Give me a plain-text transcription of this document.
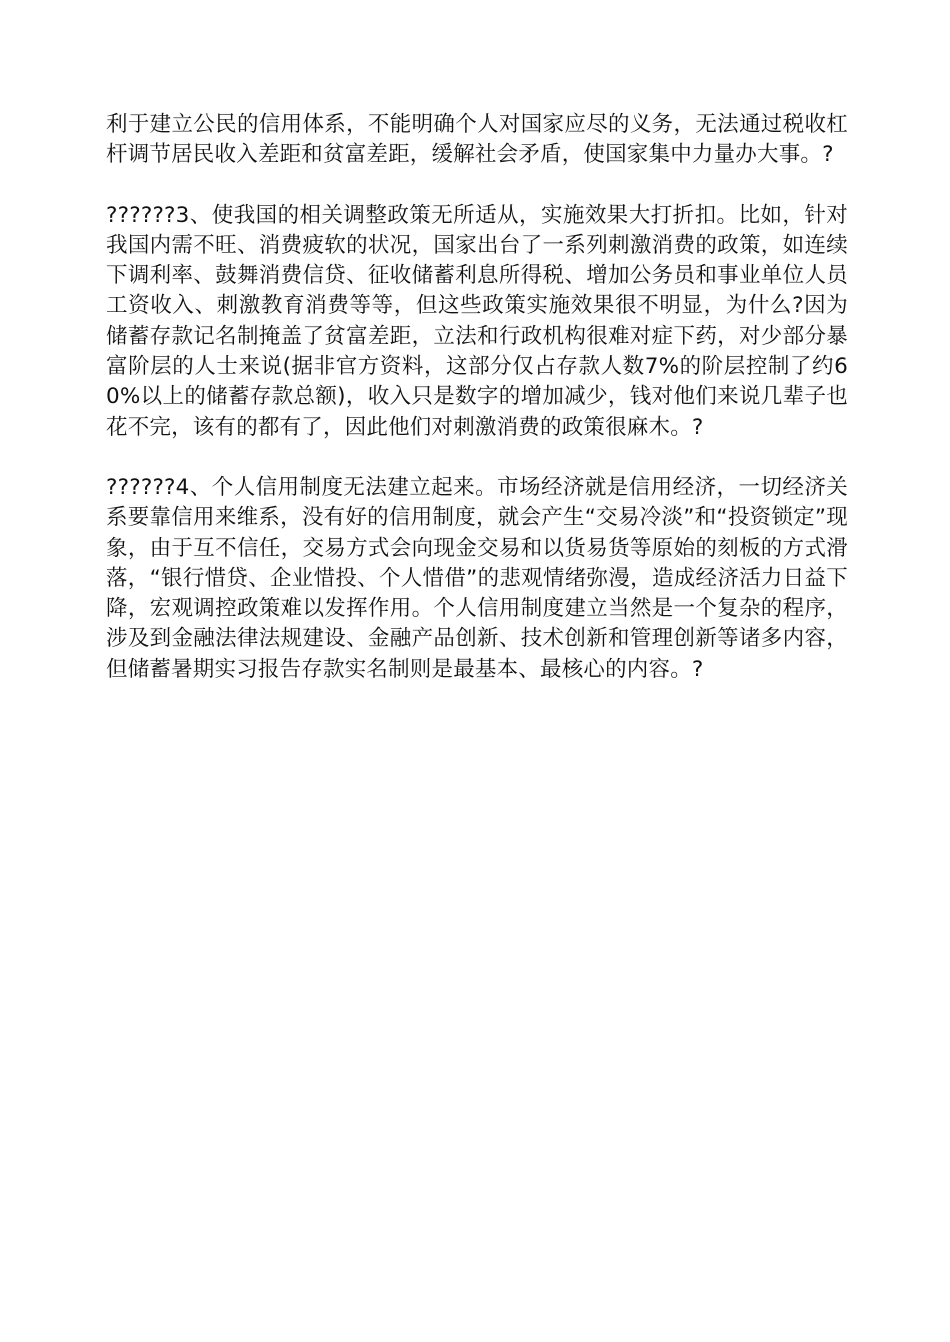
利于建立公民的信用体系，不能明确个人对国家应尽的义务，无法通过税收杠杆调节居民收入差距和贫富差距，缓解社会矛盾，使国家集中力量办大事。?

??????3、使我国的相关调整政策无所适从，实施效果大打折扣。比如，针对我国内需不旺、消费疲软的状况，国家出台了一系列刺激消费的政策，如连续下调利率、鼓舞消费信贷、征收储蓄利息所得税、增加公务员和事业单位人员工资收入、刺激教育消费等等，但这些政策实施效果很不明显，为什么?因为储蓄存款记名制掩盖了贫富差距，立法和行政机构很难对症下药，对少部分暴富阶层的人士来说(据非官方资料，这部分仅占存款人数7%的阶层控制了约60%以上的储蓄存款总额)，收入只是数字的增加减少，钱对他们来说几辈子也花不完，该有的都有了，因此他们对刺激消费的政策很麻木。?

??????4、个人信用制度无法建立起来。市场经济就是信用经济，一切经济关系要靠信用来维系，没有好的信用制度，就会产生“交易冷淡”和“投资锁定”现象，由于互不信任，交易方式会向现金交易和以货易货等原始的刻板的方式滑落，“银行惜贷、企业惜投、个人惜借”的悲观情绪弥漫，造成经济活力日益下降，宏观调控政策难以发挥作用。个人信用制度建立当然是一个复杂的程序，涉及到金融法律法规建设、金融产品创新、技术创新和管理创新等诸多内容，但储蓄暑期实习报告存款实名制则是最基本、最核心的内容。?
